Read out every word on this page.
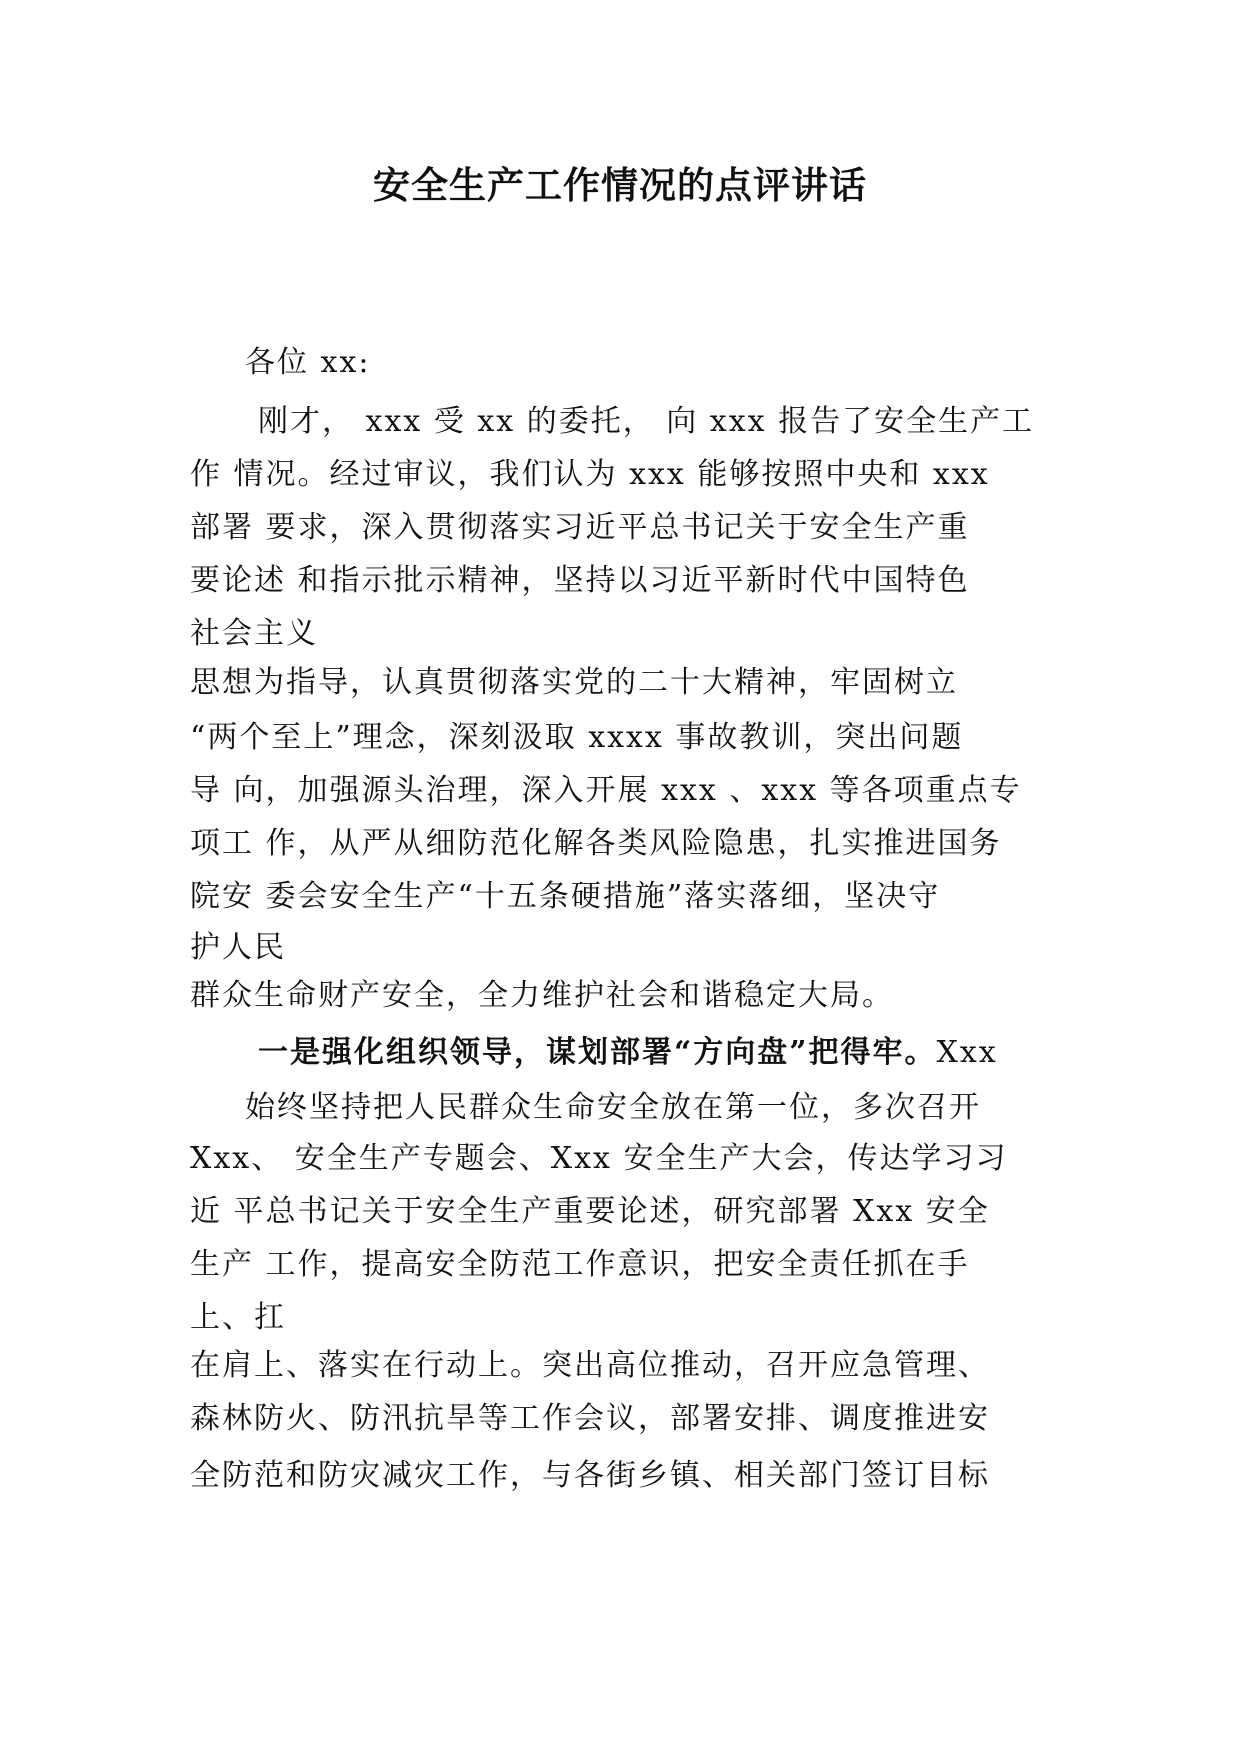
安全生产工作情况的点评讲话
各位 xx:
刚才， xxx 受 xx 的委托， 向 xxx 报告了安全生产工
作 情况。经过审议，我们认为 xxx 能够按照中央和 xxx
部署 要求，深入贯彻落实习近平总书记关于安全生产重
要论述 和指示批示精神，坚持以习近平新时代中国特色
社会主义
思想为指导，认真贯彻落实党的二十大精神，牢固树立
“两个至上”理念，深刻汲取 xxxx 事故教训，突出问题
导 向，加强源头治理，深入开展 xxx 、xxx 等各项重点专
项工 作，从严从细防范化解各类风险隐患，扎实推进国务
院安 委会安全生产“十五条硬措施”落实落细，坚决守
护人民
群众生命财产安全，全力维护社会和谐稳定大局。
一是强化组织领导，谋划部署“方向盘”把得牢。Xxx
始终坚持把人民群众生命安全放在第一位，多次召开
Xxx、 安全生产专题会、Xxx 安全生产大会，传达学习习
近 平总书记关于安全生产重要论述，研究部署 Xxx 安全
生产 工作，提高安全防范工作意识，把安全责任抓在手
上、扛
在肩上、落实在行动上。突出高位推动，召开应急管理、
森林防火、防汛抗旱等工作会议，部署安排、调度推进安
全防范和防灾减灾工作，与各街乡镇、相关部门签订目标
